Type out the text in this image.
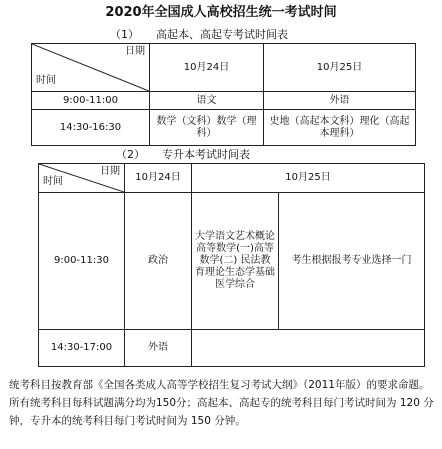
2020年全国成人高校招生统一考试时间
（1） 高起本、高起专考试时间表
日期
时间	10月24日	10月25日
9:00-11:00	语文	外语
14:30-16:30	数学（文科）数学（理科）	史地（高起本文科）理化（高起本理科）
（2） 专升本考试时间表
日期
时间	10月24日	10月25日	
9:00-11:30	政治	大学语文艺术概论高等数学(一)高等数学(二) 民法教育理论生态学基础医学综合	考生根据报考专业选择一门
14:30-17:00	外语		
统考科目按教育部《全国各类成人高等学校招生复习考试大纲》（2011年版）的要求命题。所有统考科目每科试题满分均为150分；高起本、高起专的统考科目每门考试时间为 120 分钟，专升本的统考科目每门考试时间为 150 分钟。
